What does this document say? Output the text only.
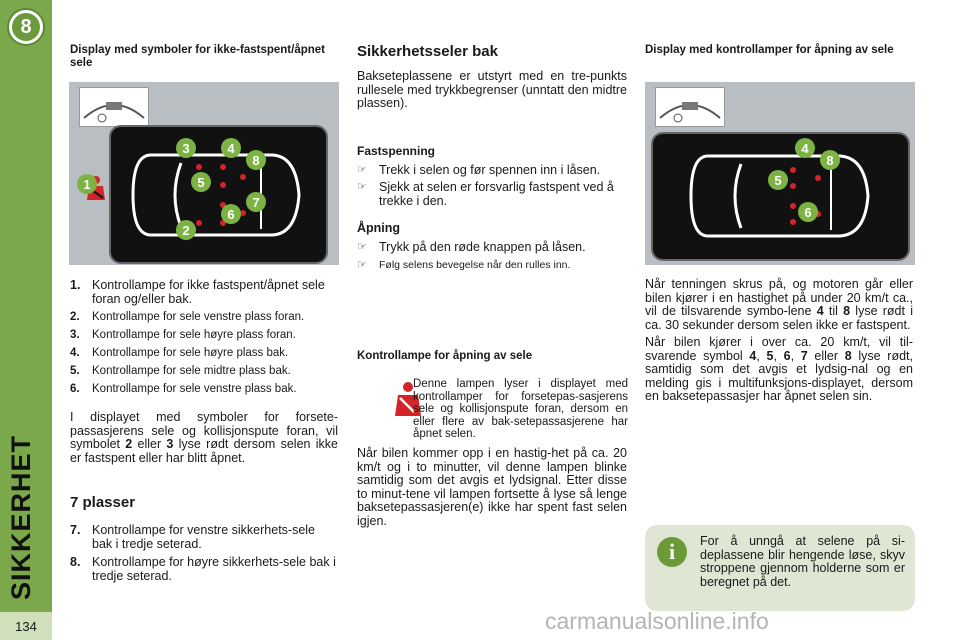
8
SIKKERHET
134

Display med symboler for ikke-fastspent/åpnet sele

1
2
3	4
5
6
7
8
1. Kontrollampe for ikke fastspent/åpnet sele foran og/eller bak.
2.	Kontrollampe for sele venstre plass foran.
3.	Kontrollampe for sele høyre plass foran.
4.	Kontrollampe for sele høyre plass bak.
5.	Kontrollampe for sele midtre plass bak.
6.	Kontrollampe for sele venstre plass bak.

I displayet med symboler for forsete-passasjerens sele og kollisjonspute foran, vil symbolet 2 eller 3 lyse rødt dersom selen ikke er fastspent eller har blitt åpnet.

7 plasser

7. Kontrollampe for venstre sikkerhets-sele bak i tredje seterad.
8. Kontrollampe for høyre sikkerhets-sele bak i tredje seterad.

Sikkerhetsseler bak

Baksetеplassene er utstyrt med en tre-punkts rullesele med trykkbegrenser (unntatt den midtre plassen).

Fastspenning

☞ Trekk i selen og før spennen inn i låsen.
☞ Sjekk at selen er forsvarlig fastspent ved å trekke i den.

Åpning

☞ Trykk på den røde knappen på låsen.
☞	Følg selens bevegelse når den rulles inn.

Kontrollampe for åpning av sele

Denne lampen lyser i displayet med kontrollamper for forsetepas-sasjerens sele og kollisjonspute foran, dersom en eller flere av bak-setepassasjerene har åpnet selen.

Når bilen kommer opp i en hastig-het på ca. 20 km/t og i to minutter, vil denne lampen blinke samtidig som det avgis et lydsignal. Etter disse to minut-tene vil lampen fortsette å lyse så lenge baksetepassasjeren(e) ikke har spent fast selen igjen.

Display med kontrollamper for åpning av sele

4
5
6
8

Når tenningen skrus på, og motoren går eller bilen kjører i en hastighet på under 20 km/t ca., vil de tilsvarende symbo-lene 4 til 8 lyse rødt i ca. 30 sekunder dersom selen ikke er fastspent.

Når bilen kjører i over ca. 20 km/t, vil til-svarende symbol 4, 5, 6, 7 eller 8 lyse rødt, samtidig som det avgis et lydsig-nal og en melding gis i multifunksjons-displayet, dersom en baksetepassasjer har åpnet selen sin.

i	For å unngå at selene på si-deplassene blir hengende løse, skyv stroppene gjennom holderne som er beregnet på det.

carmanualsonline.info
